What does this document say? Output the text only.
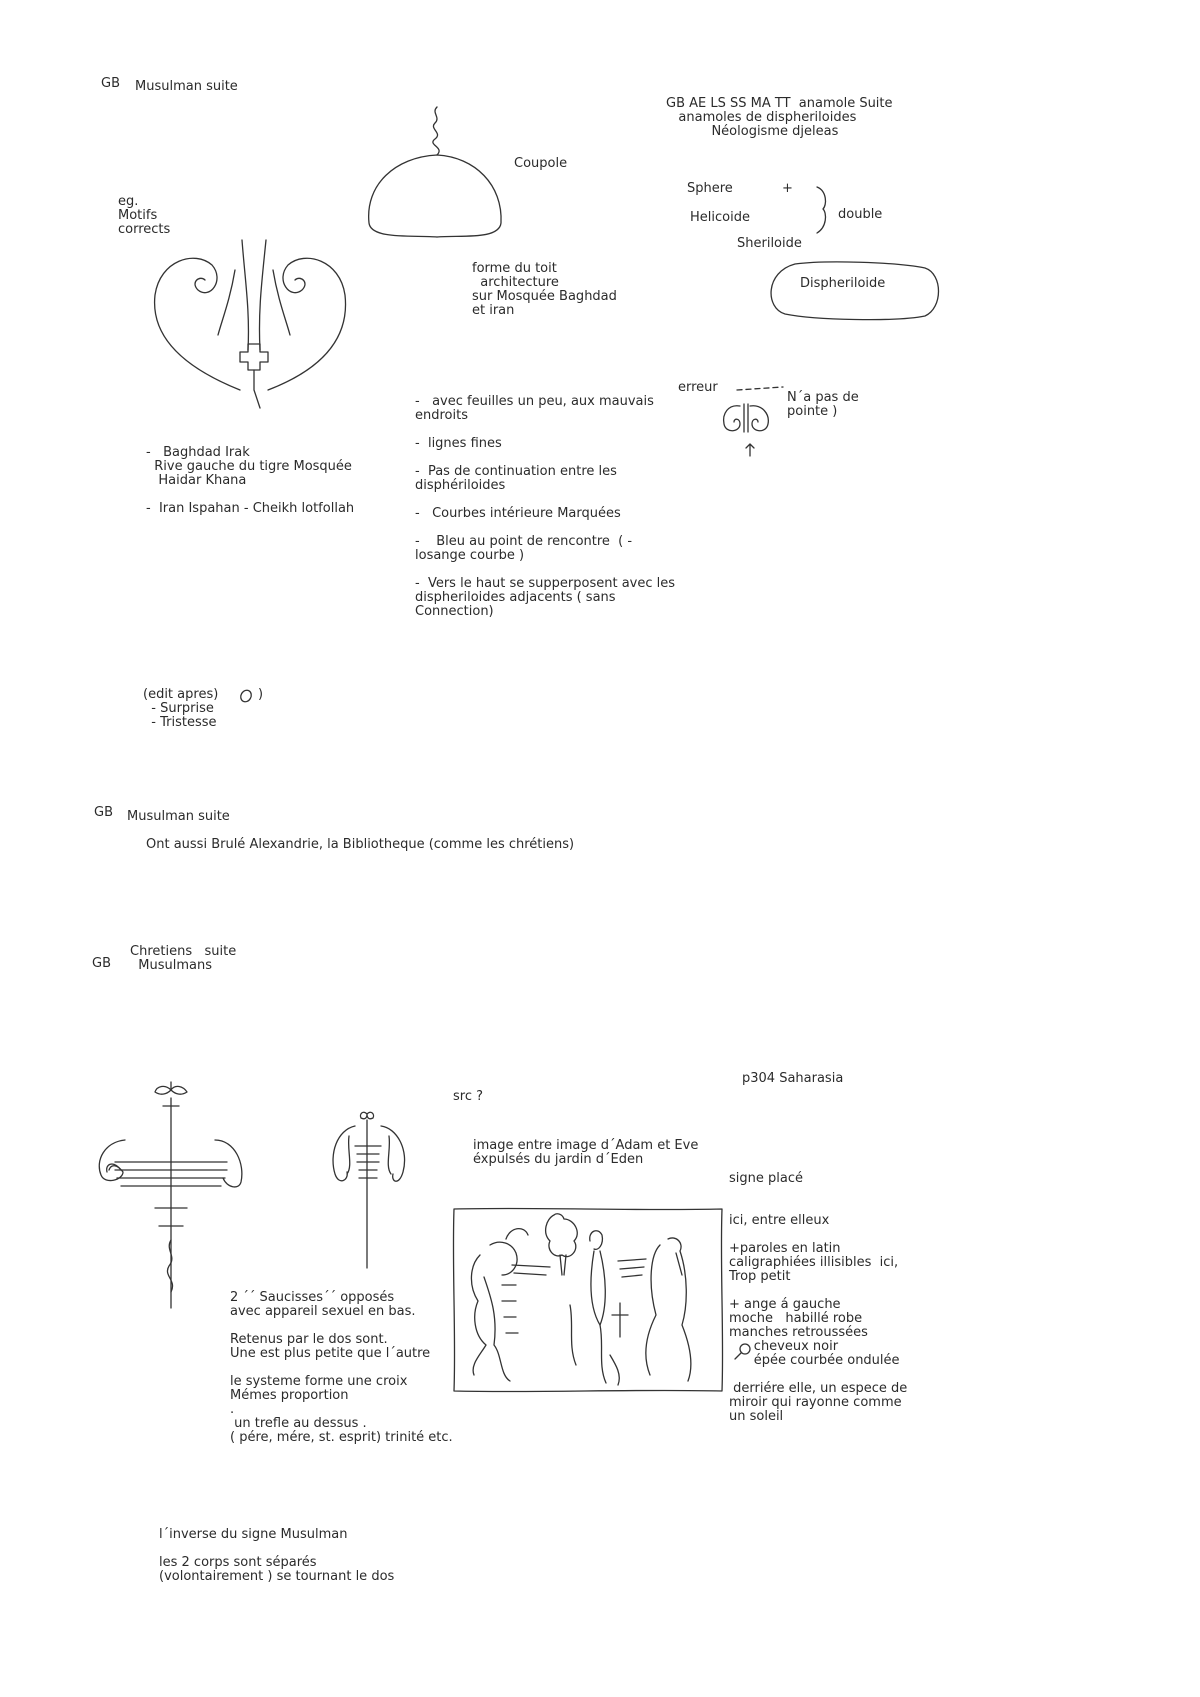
GB Musulman suite
eg.
Motifs
corrects
Coupole
forme du toit
architecture
sur Mosquée Baghdad
et iran
-   Baghdad Irak
Rive gauche du tigre Mosquée
Haidar Khana
-  Iran Ispahan - Cheikh lotfollah
-   avec feuilles un peu, aux mauvais
endroits
-  lignes fines
-  Pas de continuation entre les
disphériloides
-   Courbes intérieure Marquées
-    Bleu au point de rencontre  ( -
losange courbe )
-  Vers le haut se supperposent avec les
dispheriloides adjacents ( sans
Connection)
GB AE LS SS MA TT  anamole Suite
anamoles de dispheriloides
Néologisme djeleas
Sphere	+
Helicoide	double
Sheriloide
Dispheriloide
erreur
N´a pas de
pointe )
(edit apres)
- Surprise
- Tristesse
)
GB Musulman suite
Ont aussi Brulé Alexandrie, la Bibliotheque (comme les chrétiens)
Chretiens   suite
Musulmans
GB
src ?
image entre image d´Adam et Eve
éxpulsés du jardin d´Eden
p304 Saharasia
signe placé
ici, entre elleux
+paroles en latin
caligraphiées illisibles  ici,
Trop petit
+ ange á gauche
moche   habillé robe
manches retroussées
cheveux noir
épée courbée ondulée
derriére elle, un espece de
miroir qui rayonne comme
un soleil
2 ´´ Saucisses´´ opposés
avec appareil sexuel en bas.
Retenus par le dos sont.
Une est plus petite que l´autre
le systeme forme une croix
Mémes proportion
.
un trefle au dessus .
( pére, mére, st. esprit) trinité etc.
l´inverse du signe Musulman
les 2 corps sont séparés
(volontairement ) se tournant le dos
